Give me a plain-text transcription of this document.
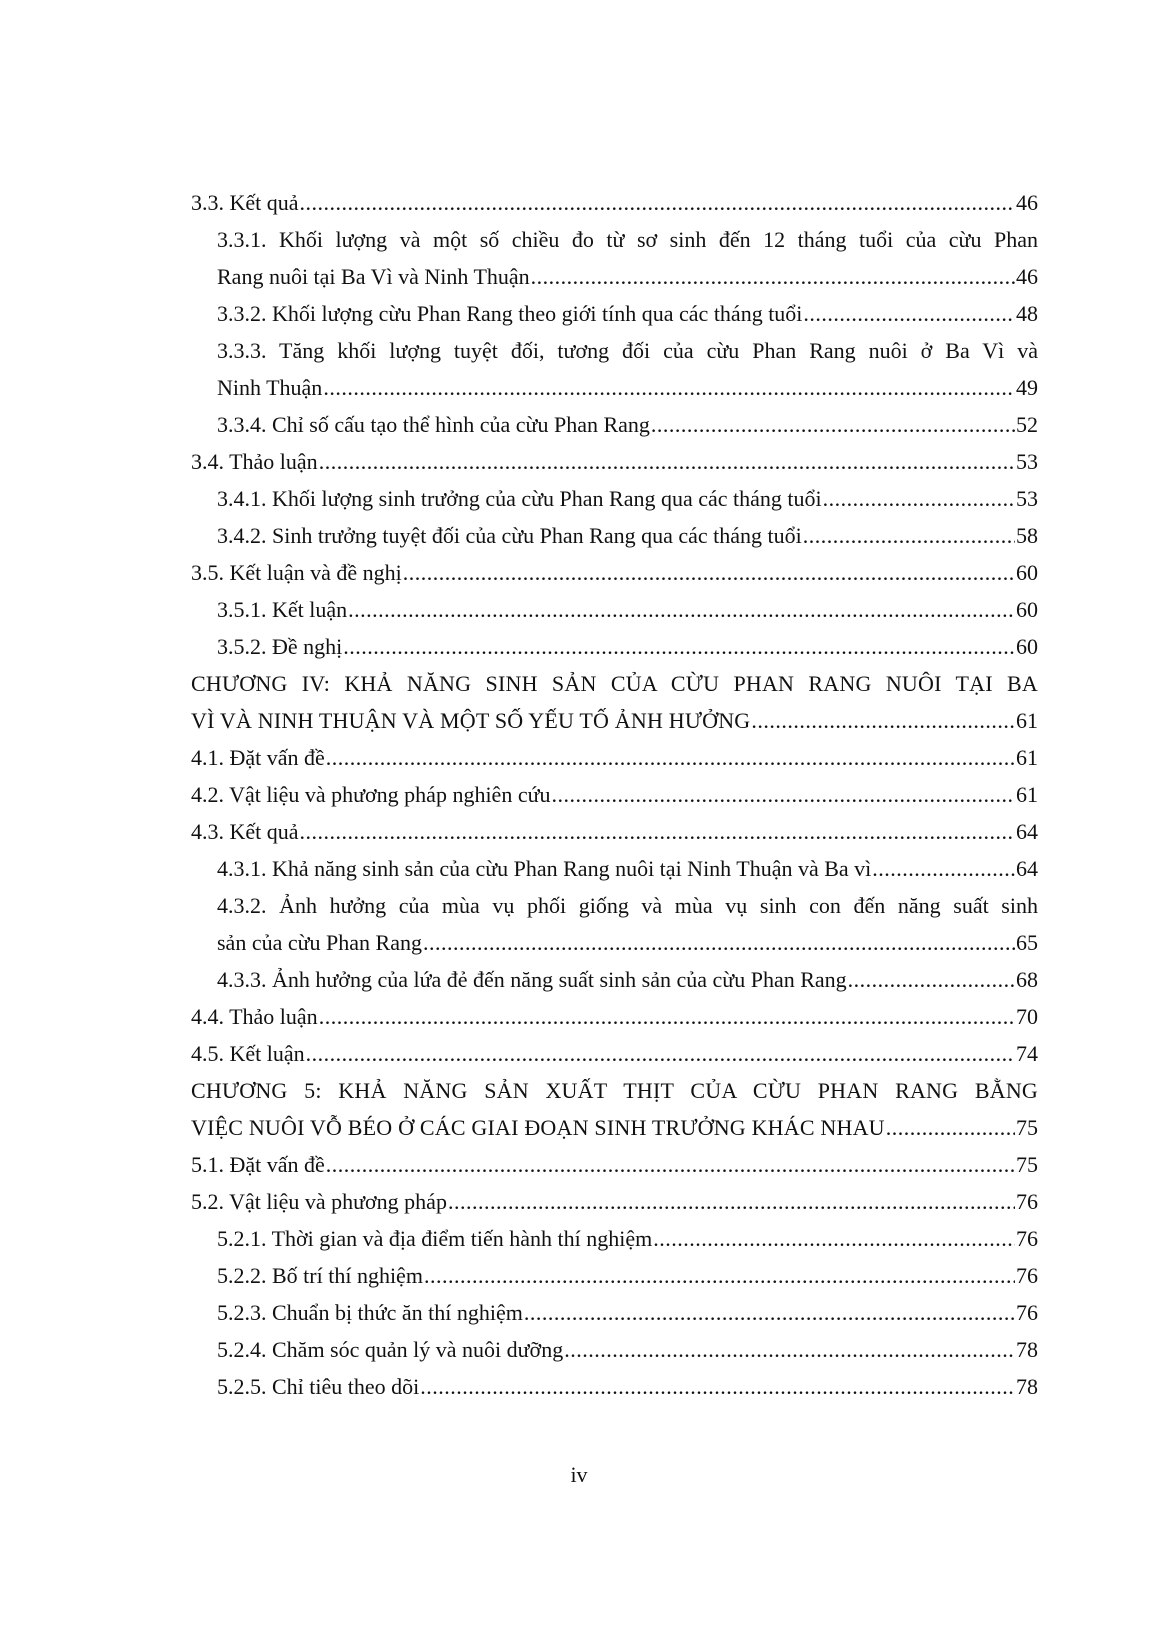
3.3. Kết quả .....	46
3.3.1. Khối lượng và một số chiều đo từ sơ sinh đến 12 tháng tuổi của cừu Phan
Rang nuôi tại Ba Vì và Ninh Thuận .....	46
3.3.2. Khối lượng cừu Phan Rang theo giới tính qua các tháng tuổi .....	48
3.3.3. Tăng khối lượng tuyệt đối, tương đối của cừu Phan Rang nuôi ở Ba Vì và
Ninh Thuận .....	49
3.3.4. Chỉ số cấu tạo thể hình của cừu Phan Rang .....	52
3.4. Thảo luận .....	53
3.4.1. Khối lượng sinh trưởng của cừu Phan Rang qua các tháng tuổi .....	53
3.4.2. Sinh trưởng tuyệt đối của cừu Phan Rang qua các tháng tuổi .....	58
3.5. Kết luận và đề nghị .....	60
3.5.1. Kết luận .....	60
3.5.2. Đề nghị .....	60
CHƯƠNG IV: KHẢ NĂNG SINH SẢN CỦA CỪU PHAN RANG NUÔI TẠI BA
VÌ VÀ NINH THUẬN VÀ MỘT SỐ YẾU TỐ ẢNH HƯỞNG .....	61
4.1. Đặt vấn đề .....	61
4.2. Vật liệu và phương pháp nghiên cứu .....	61
4.3. Kết quả .....	64
4.3.1. Khả năng sinh sản của cừu Phan Rang nuôi tại Ninh Thuận và Ba vì .....	64
4.3.2. Ảnh hưởng của mùa vụ phối giống và mùa vụ sinh con đến năng suất sinh
sản của cừu Phan Rang .....	65
4.3.3. Ảnh hưởng của lứa đẻ đến năng suất sinh sản của cừu Phan Rang .....	68
4.4. Thảo luận .....	70
4.5. Kết luận .....	74
CHƯƠNG 5: KHẢ NĂNG SẢN XUẤT THỊT CỦA CỪU PHAN RANG BẰNG
VIỆC NUÔI VỖ BÉO Ở CÁC GIAI ĐOẠN SINH TRƯỞNG KHÁC NHAU .....	75
5.1. Đặt vấn đề .....	75
5.2. Vật liệu và phương pháp .....	76
5.2.1. Thời gian và địa điểm tiến hành thí nghiệm .....	76
5.2.2. Bố trí thí nghiệm .....	76
5.2.3. Chuẩn bị thức ăn thí nghiệm .....	76
5.2.4. Chăm sóc quản lý và nuôi dưỡng .....	78
5.2.5. Chỉ tiêu theo dõi .....	78
iv
